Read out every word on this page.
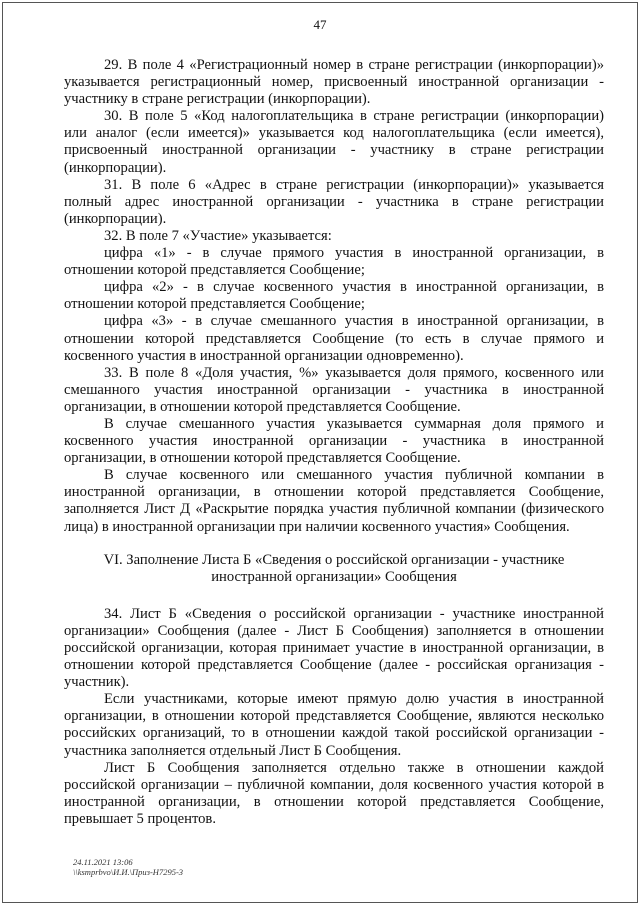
47

29. В поле 4 «Регистрационный номер в стране регистрации (инкорпорации)» указывается регистрационный номер, присвоенный иностранной организации - участнику в стране регистрации (инкорпорации).

30. В поле 5 «Код налогоплательщика в стране регистрации (инкорпорации) или аналог (если имеется)» указывается код налогоплательщика (если имеется), присвоенный иностранной организации - участнику в стране регистрации (инкорпорации).

31. В поле 6 «Адрес в стране регистрации (инкорпорации)» указывается полный адрес иностранной организации - участника в стране регистрации (инкорпорации).

32. В поле 7 «Участие» указывается:

цифра «1» - в случае прямого участия в иностранной организации, в отношении которой представляется Сообщение;

цифра «2» - в случае косвенного участия в иностранной организации, в отношении которой представляется Сообщение;

цифра «3» - в случае смешанного участия в иностранной организации, в отношении которой представляется Сообщение (то есть в случае прямого и косвенного участия в иностранной организации одновременно).

33. В поле 8 «Доля участия, %» указывается доля прямого, косвенного или смешанного участия иностранной организации - участника в иностранной организации, в отношении которой представляется Сообщение.

В случае смешанного участия указывается суммарная доля прямого и косвенного участия иностранной организации - участника в иностранной организации, в отношении которой представляется Сообщение.

В случае косвенного или смешанного участия публичной компании в иностранной организации, в отношении которой представляется Сообщение, заполняется Лист Д «Раскрытие порядка участия публичной компании (физического лица) в иностранной организации при наличии косвенного участия» Сообщения.

VI. Заполнение Листа Б «Сведения о российской организации - участнике
иностранной организации» Сообщения

34. Лист Б «Сведения о российской организации - участнике иностранной организации» Сообщения (далее - Лист Б Сообщения) заполняется в отношении российской организации, которая принимает участие в иностранной организации, в отношении которой представляется Сообщение (далее - российская организация - участник).

Если участниками, которые имеют прямую долю участия в иностранной организации, в отношении которой представляется Сообщение, являются несколько российских организаций, то в отношении каждой такой российской организации - участника заполняется отдельный Лист Б Сообщения.

Лист Б Сообщения заполняется отдельно также в отношении каждой российской организации – публичной компании, доля косвенного участия которой в иностранной организации, в отношении которой представляется Сообщение, превышает 5 процентов.

24.11.2021 13:06
\\ksmprbvo\И.И.\Приз-Н7295-3
